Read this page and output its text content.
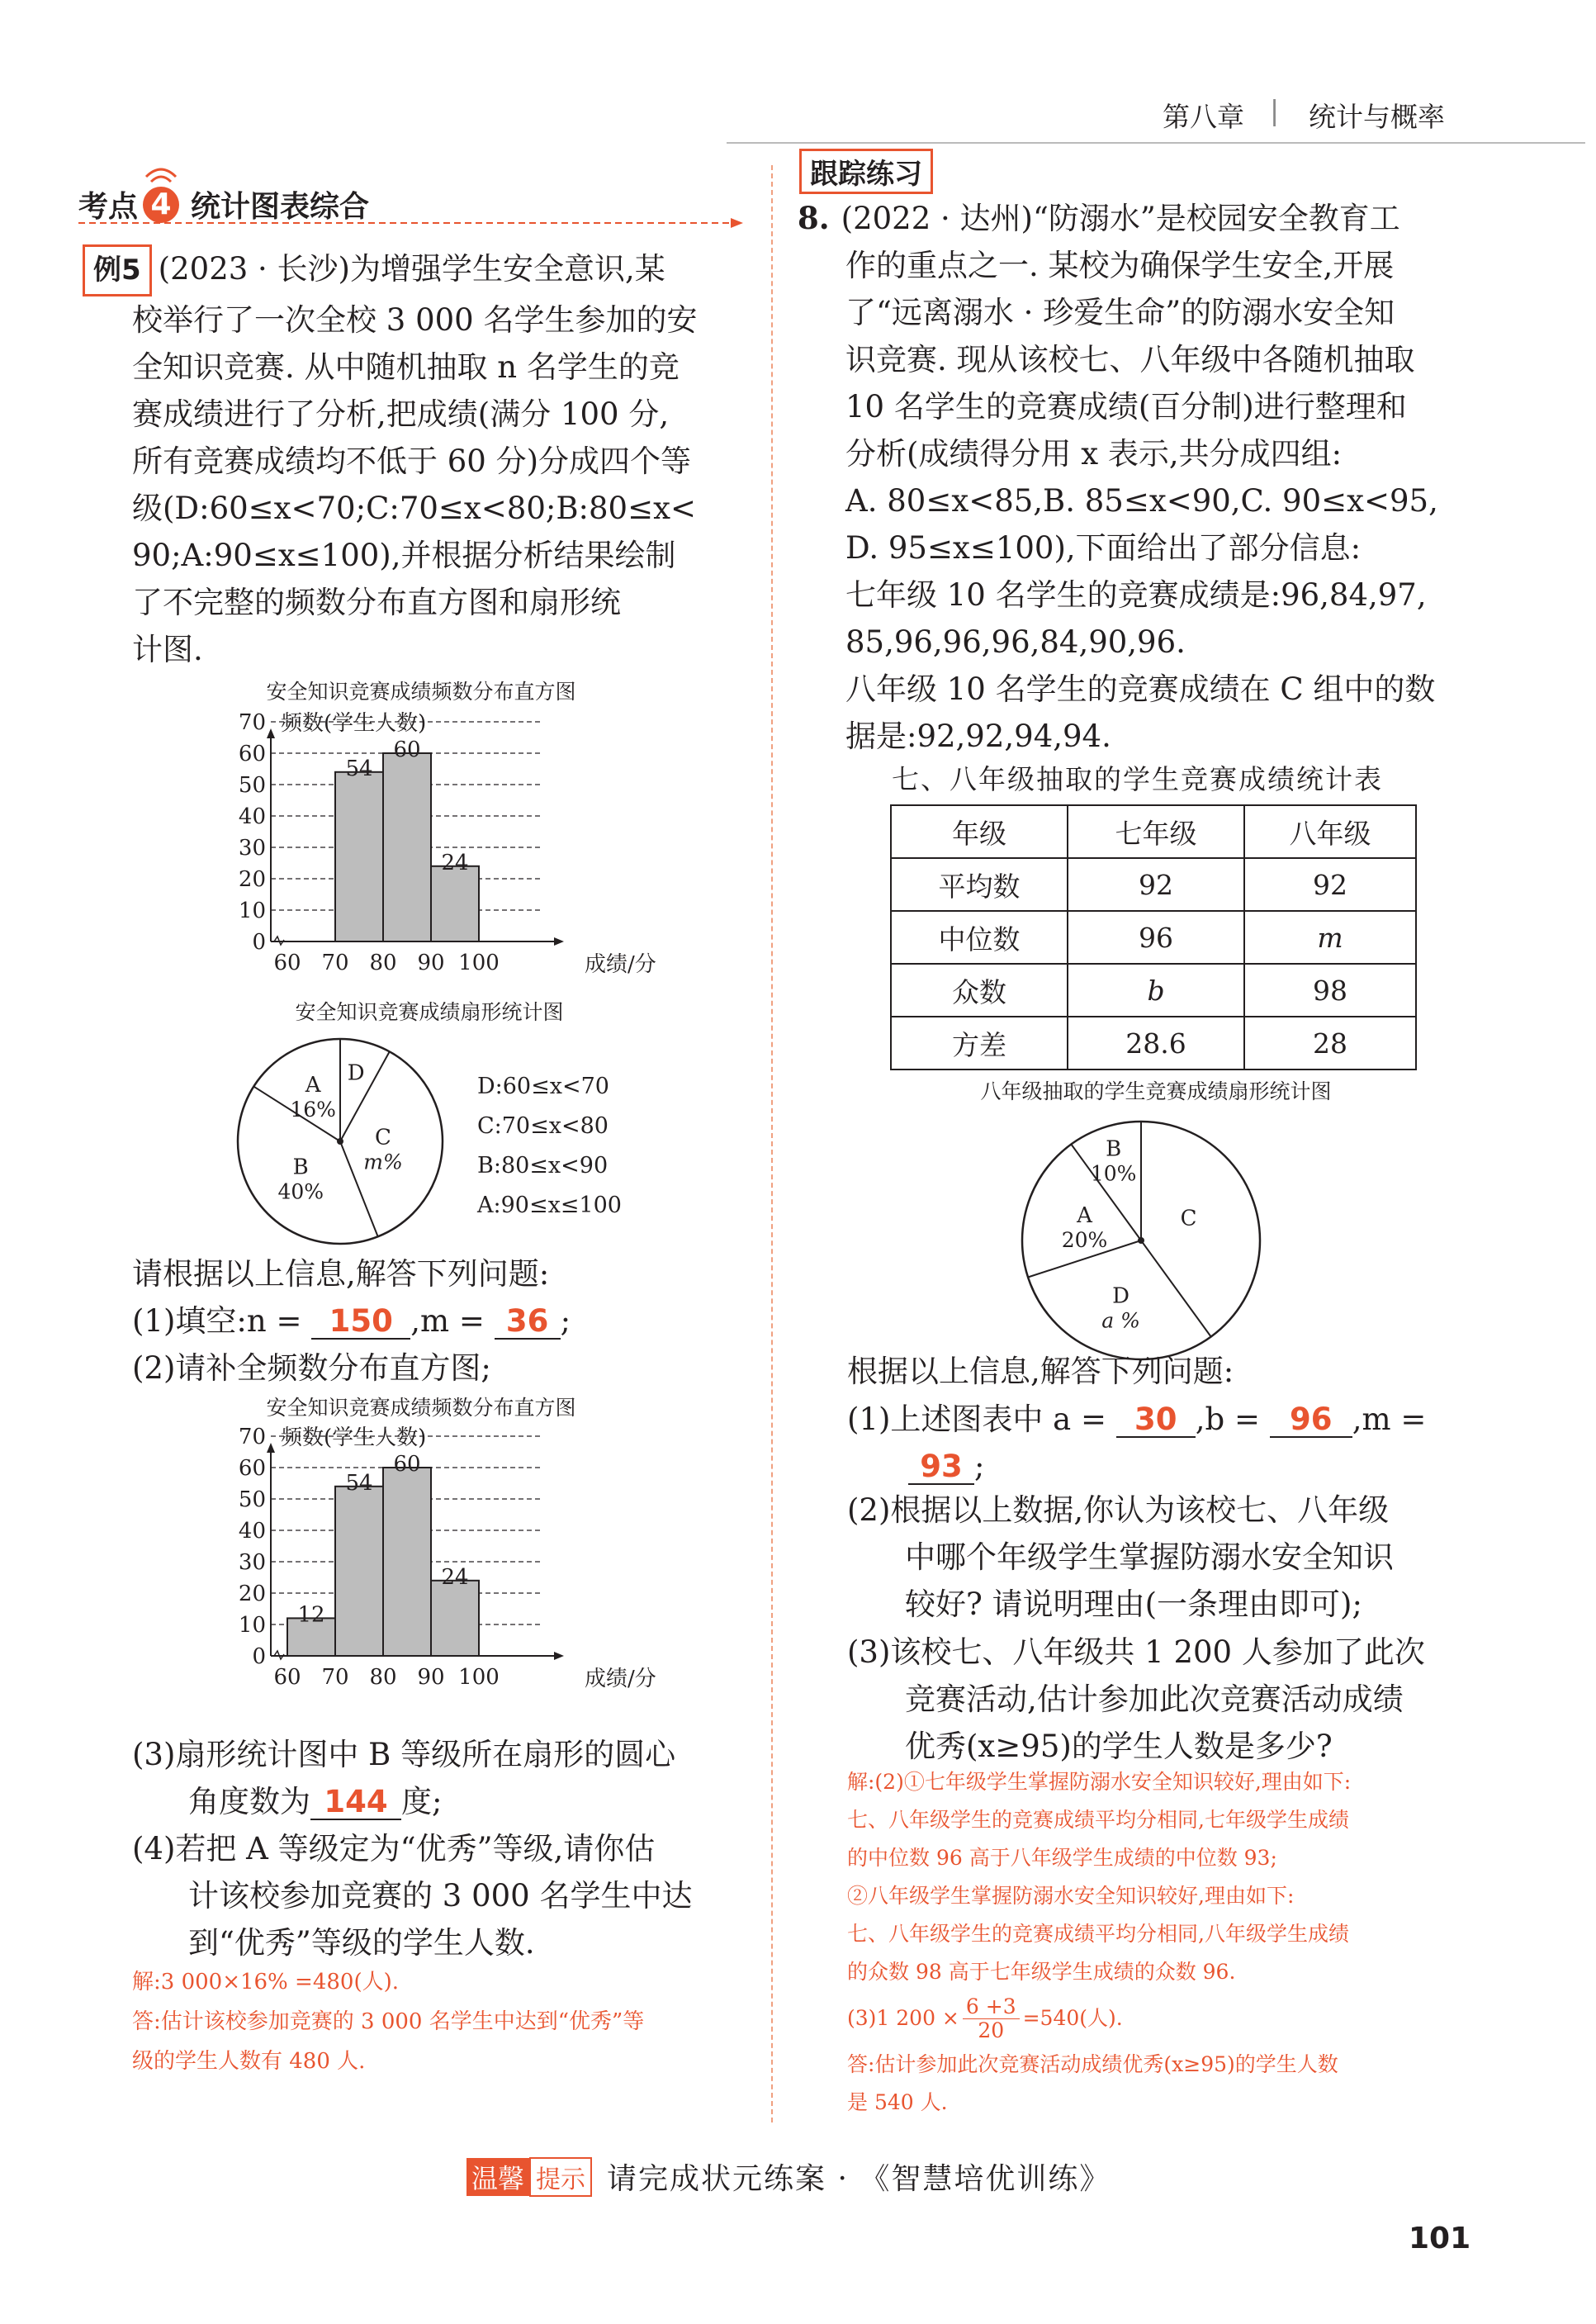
第八章 | 统计与概率
考点 4 统计图表综合
例5 (2023 · 长沙)为增强学生安全意识,某
校举行了一次全校 3 000 名学生参加的安
全知识竞赛. 从中随机抽取 n 名学生的竞
赛成绩进行了分析,把成绩(满分 100 分,
所有竞赛成绩均不低于 60 分)分成四个等
级(D:60≤x<70;C:70≤x<80;B:80≤x<
90;A:90≤x≤100),并根据分析结果绘制
了不完整的频数分布直方图和扇形统
计图.
安全知识竞赛成绩频数分布直方图
频数(学生人数)
0
10
20
30
40
50
60
70
54
60
24
60 70 80 90 100	成绩/分
安全知识竞赛成绩扇形统计图
A
16%
D
C
m%
B
40%
D:60≤x<70
C:70≤x<80
B:80≤x<90
A:90≤x≤100
请根据以上信息,解答下列问题:
(1)填空:n = 150 ,m = 36 ;
(2)请补全频数分布直方图;
安全知识竞赛成绩频数分布直方图
频数(学生人数)
0
10
20
30
40
50
60
70
12
54
60
24
60 70 80 90 100	成绩/分
(3)扇形统计图中 B 等级所在扇形的圆心
角度数为 144 度;
(4)若把 A 等级定为“优秀”等级,请你估
计该校参加竞赛的 3 000 名学生中达
到“优秀”等级的学生人数.
解:3 000×16% =480(人).
答:估计该校参加竞赛的 3 000 名学生中达到“优秀”等
级的学生人数有 480 人.
跟踪练习
8. (2022 · 达州)“防溺水”是校园安全教育工
作的重点之一. 某校为确保学生安全,开展
了“远离溺水 · 珍爱生命”的防溺水安全知
识竞赛. 现从该校七、八年级中各随机抽取
10 名学生的竞赛成绩(百分制)进行整理和
分析(成绩得分用 x 表示,共分成四组:
A. 80≤x<85,B. 85≤x<90,C. 90≤x<95,
D. 95≤x≤100),下面给出了部分信息:
七年级 10 名学生的竞赛成绩是:96,84,97,
85,96,96,96,84,90,96.
八年级 10 名学生的竞赛成绩在 C 组中的数
据是:92,92,94,94.
七、八年级抽取的学生竞赛成绩统计表
年级	七年级	八年级
平均数	92	92
中位数	96	m
众数	b	98
方差	28.6	28
八年级抽取的学生竞赛成绩扇形统计图
B
10%
C
D
a %
A
20%
根据以上信息,解答下列问题:
(1)上述图表中 a = 30 ,b = 96 ,m =
93 ;
(2)根据以上数据,你认为该校七、八年级
中哪个年级学生掌握防溺水安全知识
较好? 请说明理由(一条理由即可);
(3)该校七、八年级共 1 200 人参加了此次
竞赛活动,估计参加此次竞赛活动成绩
优秀(x≥95)的学生人数是多少?
解:(2)①七年级学生掌握防溺水安全知识较好,理由如下:
七、八年级学生的竞赛成绩平均分相同,七年级学生成绩
的中位数 96 高于八年级学生成绩的中位数 93;
②八年级学生掌握防溺水安全知识较好,理由如下:
七、八年级学生的竞赛成绩平均分相同,八年级学生成绩
的众数 98 高于七年级学生成绩的众数 96.
(3)1 $200 \times \frac{6 +3}{20} =540$(人).
答:估计参加此次竞赛活动成绩优秀(x≥95)的学生人数
是 540 人.
温馨 提示 请完成状元练案 · 《智慧培优训练》
101
